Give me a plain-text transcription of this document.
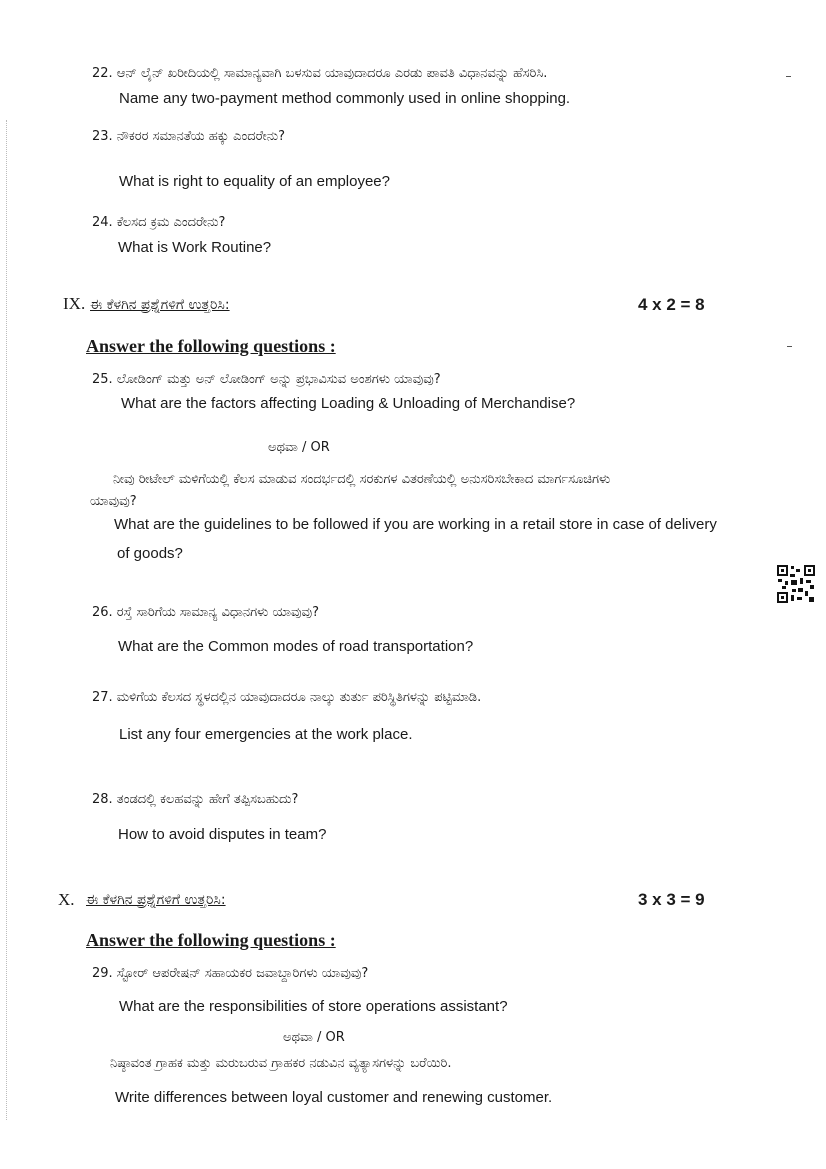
22. ಆನ್ ಲೈನ್ ಖರೀದಿಯಲ್ಲಿ ಸಾಮಾನ್ಯವಾಗಿ ಬಳಸುವ ಯಾವುದಾದರೂ ಎರಡು ಪಾವತಿ ವಿಧಾನವನ್ನು ಹೆಸರಿಸಿ.
Name any two-payment method commonly used in online shopping.
23. ನೌಕರರ ಸಮಾನತೆಯ ಹಕ್ಕು ಎಂದರೇನು?
What is right to equality of an employee?
24. ಕೆಲಸದ ಕ್ರಮ ಎಂದರೇನು?
What is Work Routine?
IX. ಈ ಕೆಳಗಿನ ಪ್ರಶ್ನೆಗಳಿಗೆ ಉತ್ತರಿಸಿ:	4 x 2 = 8
Answer the following questions :
25. ಲೋಡಿಂಗ್ ಮತ್ತು ಅನ್ ಲೋಡಿಂಗ್ ಅನ್ನು ಪ್ರಭಾವಿಸುವ ಅಂಶಗಳು ಯಾವುವು?
What are the factors affecting Loading & Unloading of Merchandise?
ಅಥವಾ / OR
ನೀವು ರೀಟೇಲ್ ಮಳಿಗೆಯಲ್ಲಿ ಕೆಲಸ ಮಾಡುವ ಸಂದರ್ಭದಲ್ಲಿ ಸರಕುಗಳ ವಿತರಣೆಯಲ್ಲಿ ಅನುಸರಿಸಬೇಕಾದ ಮಾರ್ಗಸೂಚಿಗಳು
ಯಾವುವು?
What are the guidelines to be followed if you are working in a retail store in case of delivery
of goods?
26. ರಸ್ತೆ ಸಾರಿಗೆಯ ಸಾಮಾನ್ಯ ವಿಧಾನಗಳು ಯಾವುವು?
What are the Common modes of road transportation?
27. ಮಳಿಗೆಯ ಕೆಲಸದ ಸ್ಥಳದಲ್ಲಿನ ಯಾವುದಾದರೂ ನಾಲ್ಕು ತುರ್ತು ಪರಿಸ್ಥಿತಿಗಳನ್ನು ಪಟ್ಟಿಮಾಡಿ.
List any four emergencies at the work place.
28. ತಂಡದಲ್ಲಿ ಕಲಹವನ್ನು ಹೇಗೆ ತಪ್ಪಿಸಬಹುದು?
How to avoid disputes in team?
X. ಈ ಕೆಳಗಿನ ಪ್ರಶ್ನೆಗಳಿಗೆ ಉತ್ತರಿಸಿ:	3 x 3 = 9
Answer the following questions :
29. ಸ್ಟೋರ್ ಆಪರೇಷನ್ ಸಹಾಯಕರ ಜವಾಬ್ದಾರಿಗಳು ಯಾವುವು?
What are the responsibilities of store operations assistant?
ಅಥವಾ / OR
ನಿಷ್ಠಾವಂತ ಗ್ರಾಹಕ ಮತ್ತು ಮರುಬರುವ ಗ್ರಾಹಕರ ನಡುವಿನ ವ್ಯತ್ಯಾಸಗಳನ್ನು ಬರೆಯಿರಿ.
Write differences between loyal customer and renewing customer.
